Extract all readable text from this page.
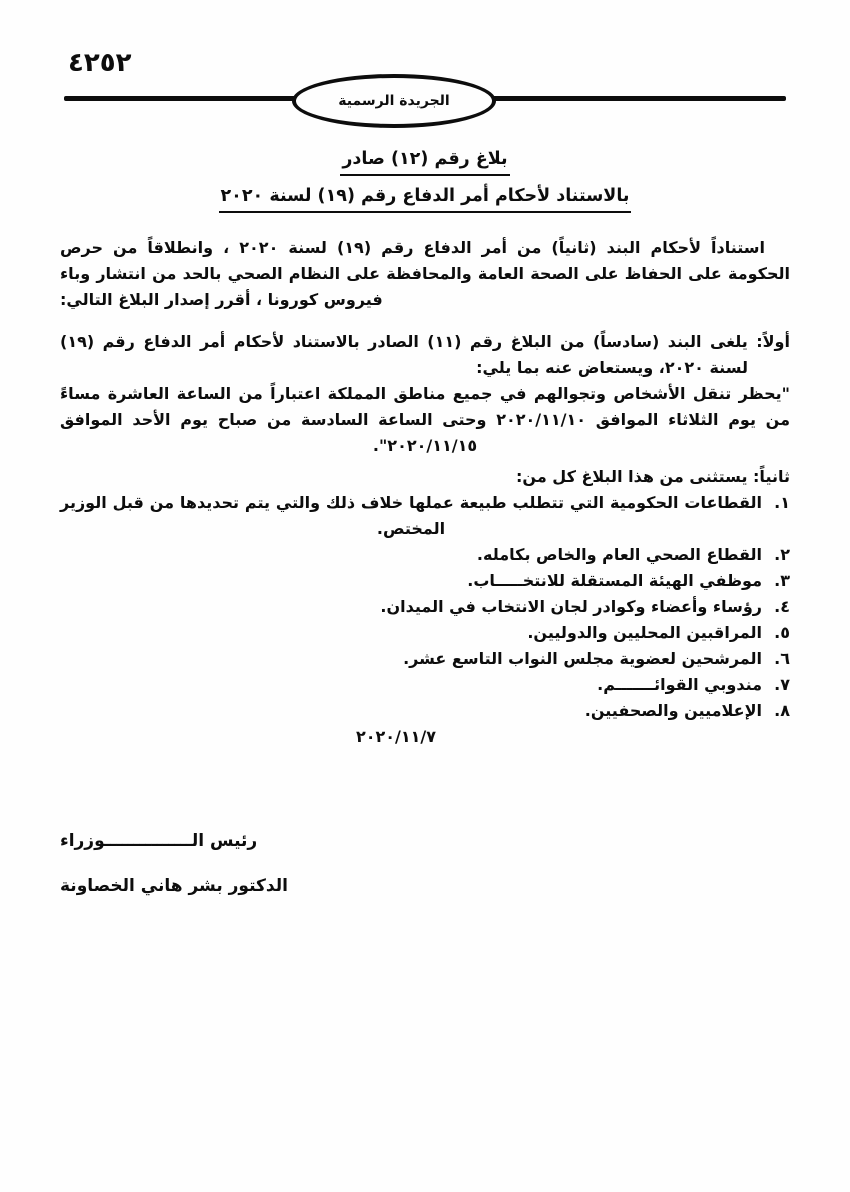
٤٢٥٢
الجريدة الرسمية
بلاغ رقم (١٢) صادر
بالاستناد لأحكام أمر الدفاع رقم (١٩) لسنة ٢٠٢٠

استناداً لأحكام البند (ثانياً) من أمر الدفاع رقم (١٩) لسنة ٢٠٢٠ ، وانطلاقاً من حرص الحكومة على الحفاظ على الصحة العامة والمحافظة على النظام الصحي بالحد من انتشار وباء فيروس كورونا ، أقرر إصدار البلاغ التالي:

أولاً: يلغى البند (سادساً) من البلاغ رقم (١١) الصادر بالاستناد لأحكام أمر الدفاع رقم (١٩) لسنة ٢٠٢٠، ويستعاض عنه بما يلي:

"يحظر تنقل الأشخاص وتجوالهم في جميع مناطق المملكة اعتباراً من الساعة العاشرة مساءً من يوم الثلاثاء الموافق ٢٠٢٠/١١/١٠ وحتى الساعة السادسة من صباح يوم الأحد الموافق ٢٠٢٠/١١/١٥".

ثانياً: يستثنى من هذا البلاغ كل من:
١.
القطاعات الحكومية التي تتطلب طبيعة عملها خلاف ذلك والتي يتم تحديدها من قبل الوزير المختص.
٢.
القطاع الصحي العام والخاص بكامله.
٣.
موظفي الهيئة المستقلة للانتخـــــاب.
٤.
رؤساء وأعضاء وكوادر لجان الانتخاب في الميدان.
٥.
المراقبين المحليين والدوليين.
٦.
المرشحين لعضوية مجلس النواب التاسع عشر.
٧.
مندوبي القوائـــــــم.
٨.
الإعلاميين والصحفيين.
٢٠٢٠/١١/٧
رئيس الـــــــــــــــوزراء
الدكتور بشر هاني الخصاونة
